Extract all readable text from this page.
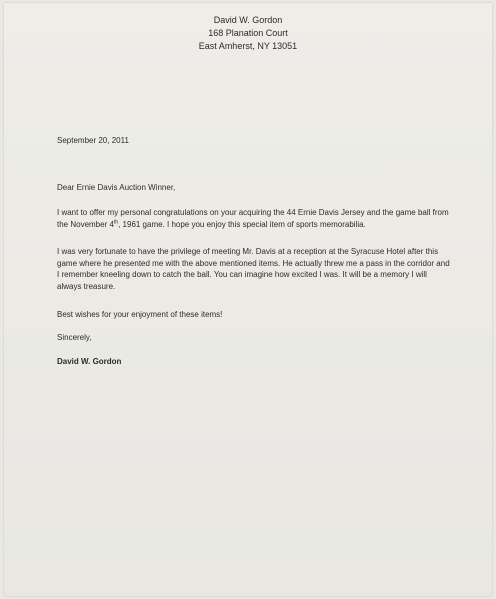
David W. Gordon
168 Planation Court
East Amherst, NY 13051
September 20, 2011
Dear Ernie Davis Auction Winner,
I want to offer my personal congratulations on your acquiring the 44 Ernie Davis Jersey and the game ball from the November 4th, 1961 game. I hope you enjoy this special item of sports memorabilia.
I was very fortunate to have the privilege of meeting Mr. Davis at a reception at the Syracuse Hotel after this game where he presented me with the above mentioned items. He actually threw me a pass in the corridor and I remember kneeling down to catch the ball. You can imagine how excited I was. It will be a memory I will always treasure.
Best wishes for your enjoyment of these items!
Sincerely,
David W. Gordon
